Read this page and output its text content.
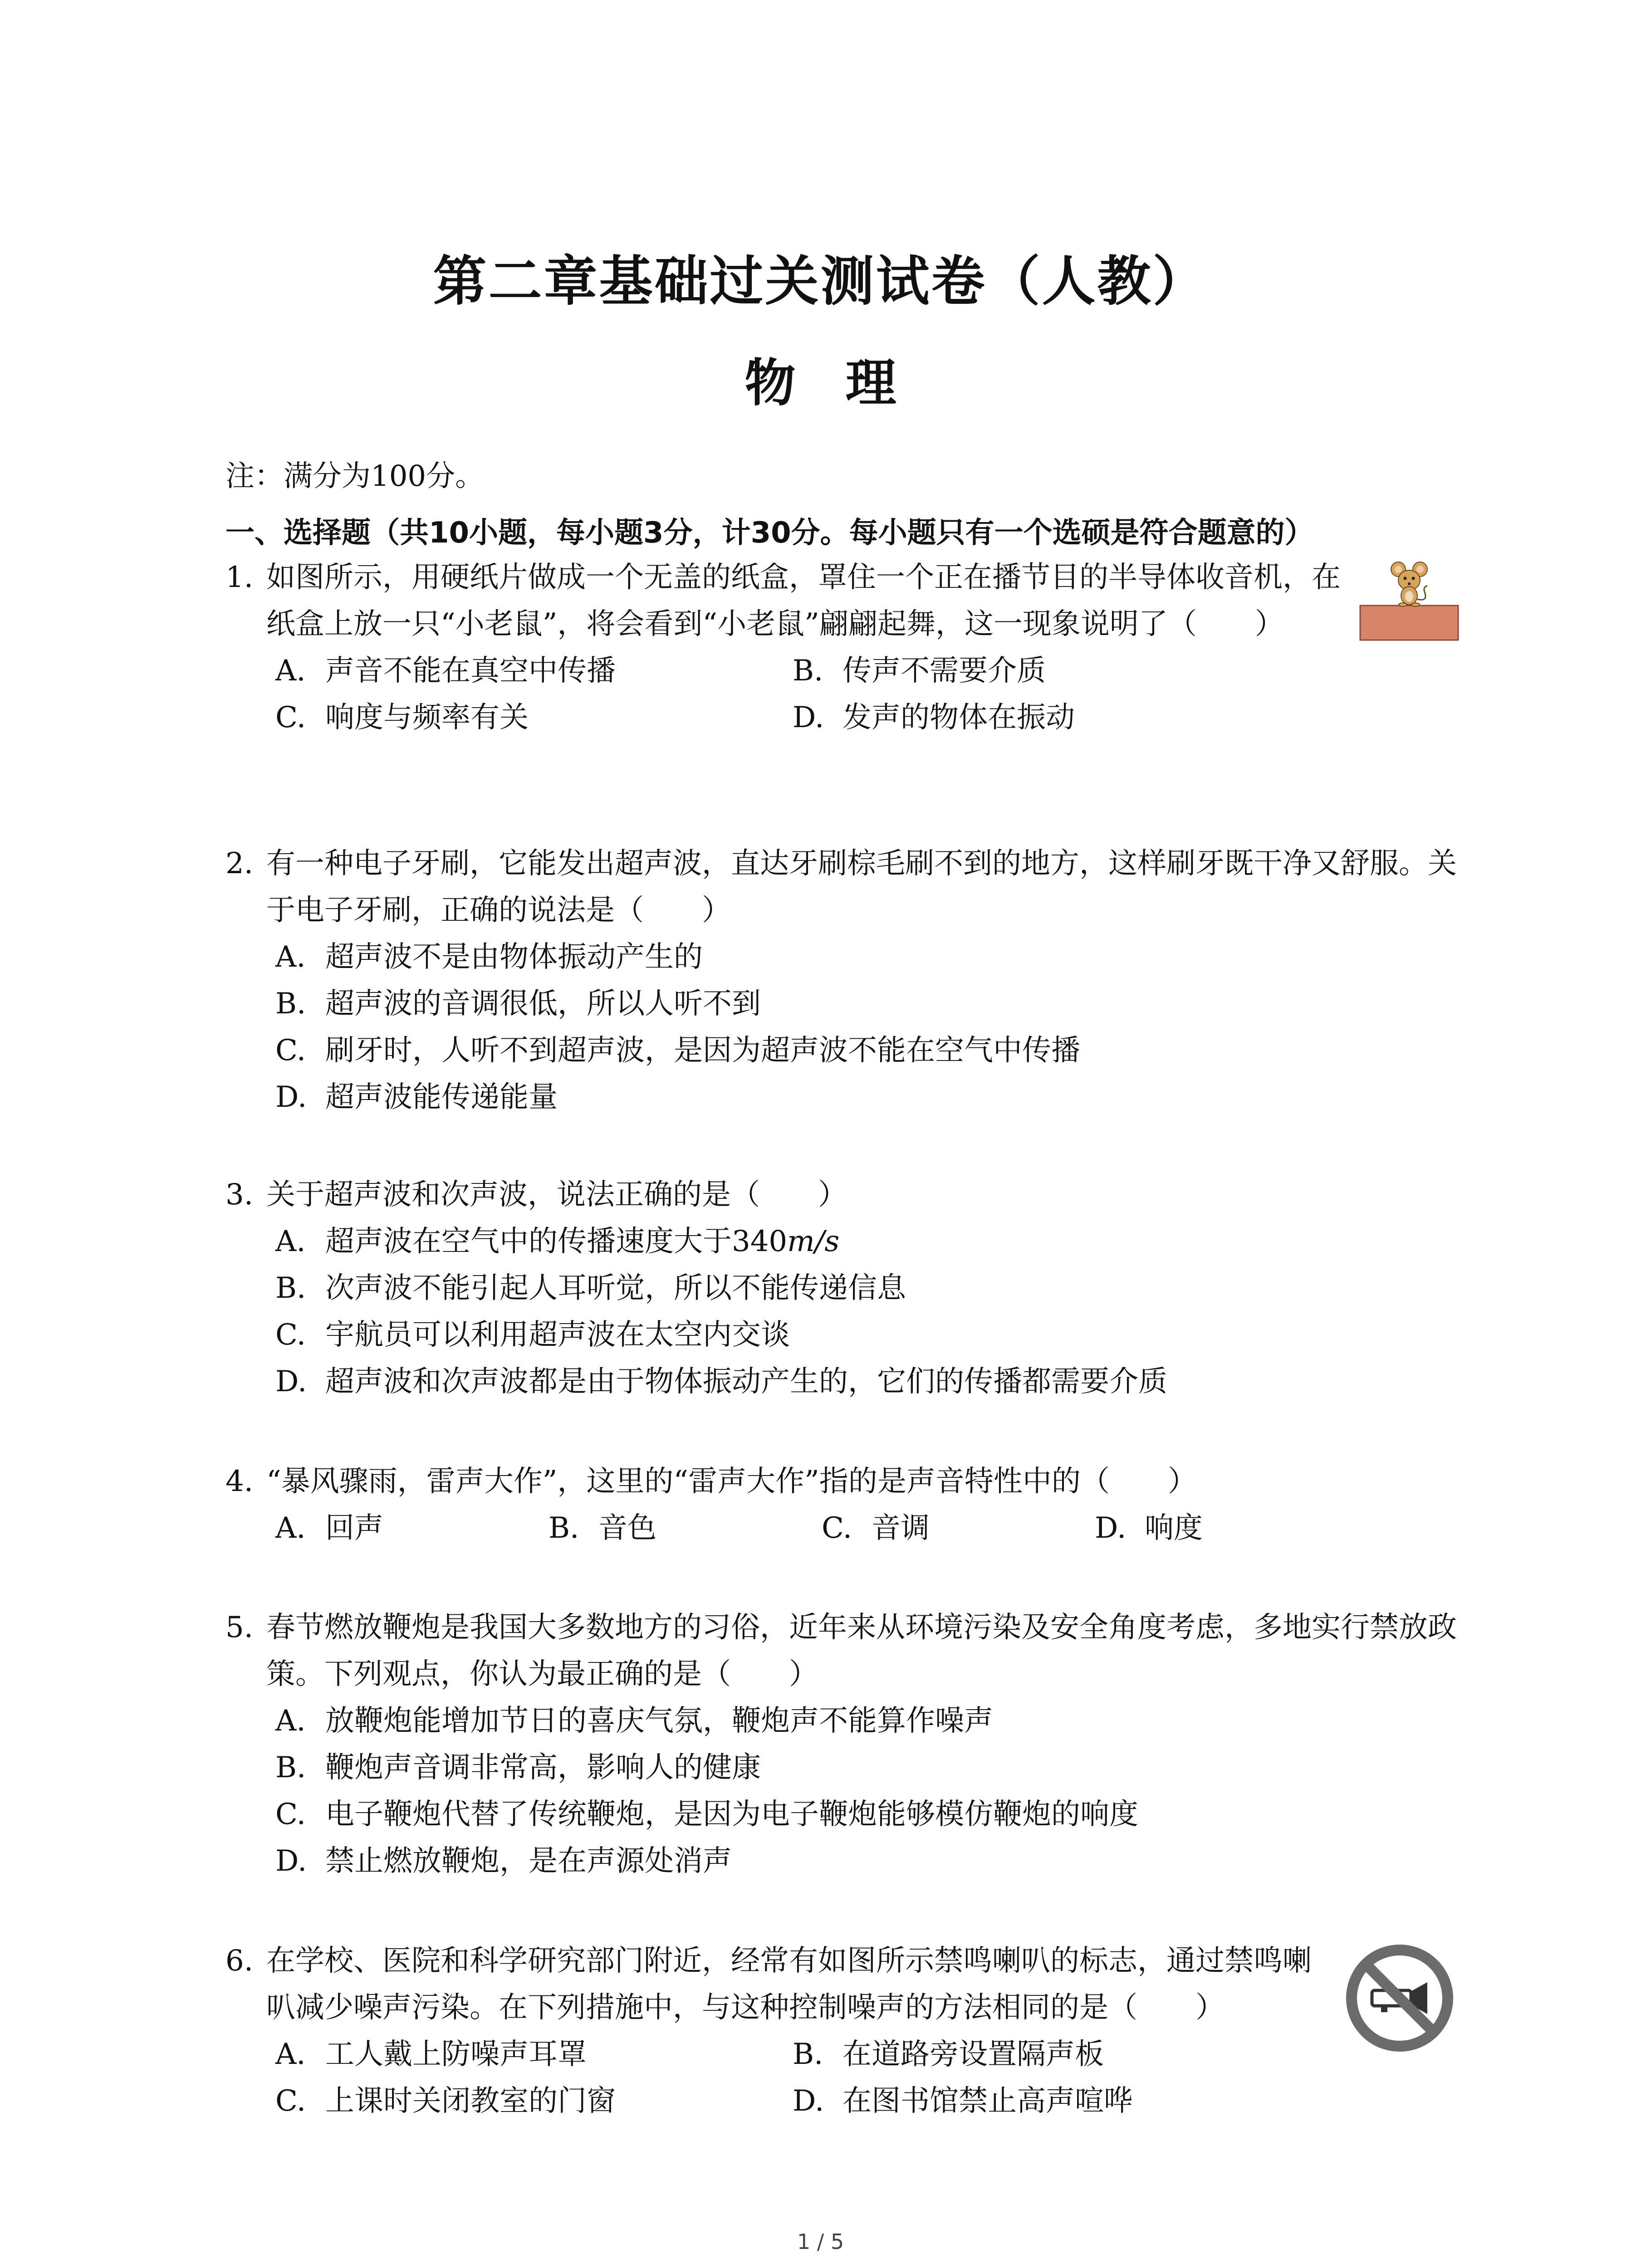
第二章基础过关测试卷（人教）
物 理
注：满分为100分。
一、选择题（共10小题，每小题3分，计30分。每小题只有一个选硕是符合题意的）
1. 如图所示，用硬纸片做成一个无盖的纸盒，罩住一个正在播节目的半导体收音机，在纸盒上放一只“小老鼠”，将会看到“小老鼠”翩翩起舞，这一现象说明了（　　）
A. 声音不能在真空中传播	B. 传声不需要介质
C. 响度与频率有关	D. 发声的物体在振动
2. 有一种电子牙刷，它能发出超声波，直达牙刷棕毛刷不到的地方，这样刷牙既干净又舒服。关于电子牙刷，正确的说法是（　　）
A. 超声波不是由物体振动产生的
B. 超声波的音调很低，所以人听不到
C. 刷牙时，人听不到超声波，是因为超声波不能在空气中传播
D. 超声波能传递能量
3. 关于超声波和次声波，说法正确的是（　　）
A. 超声波在空气中的传播速度大于340 m/s
B. 次声波不能引起人耳听觉，所以不能传递信息
C. 宇航员可以利用超声波在太空内交谈
D. 超声波和次声波都是由于物体振动产生的，它们的传播都需要介质
4. “暴风骤雨，雷声大作”，这里的“雷声大作”指的是声音特性中的（　　）
A. 回声	B. 音色	C. 音调	D. 响度
5. 春节燃放鞭炮是我国大多数地方的习俗，近年来从环境污染及安全角度考虑，多地实行禁放政策。下列观点，你认为最正确的是（　　）
A. 放鞭炮能增加节日的喜庆气氛，鞭炮声不能算作噪声
B. 鞭炮声音调非常高，影响人的健康
C. 电子鞭炮代替了传统鞭炮，是因为电子鞭炮能够模仿鞭炮的响度
D. 禁止燃放鞭炮，是在声源处消声
6. 在学校、医院和科学研究部门附近，经常有如图所示禁鸣喇叭的标志，通过禁鸣喇叭减少噪声污染。在下列措施中，与这种控制噪声的方法相同的是（　　）
A. 工人戴上防噪声耳罩	B. 在道路旁设置隔声板
C. 上课时关闭教室的门窗	D. 在图书馆禁止高声喧哗
1 / 5
